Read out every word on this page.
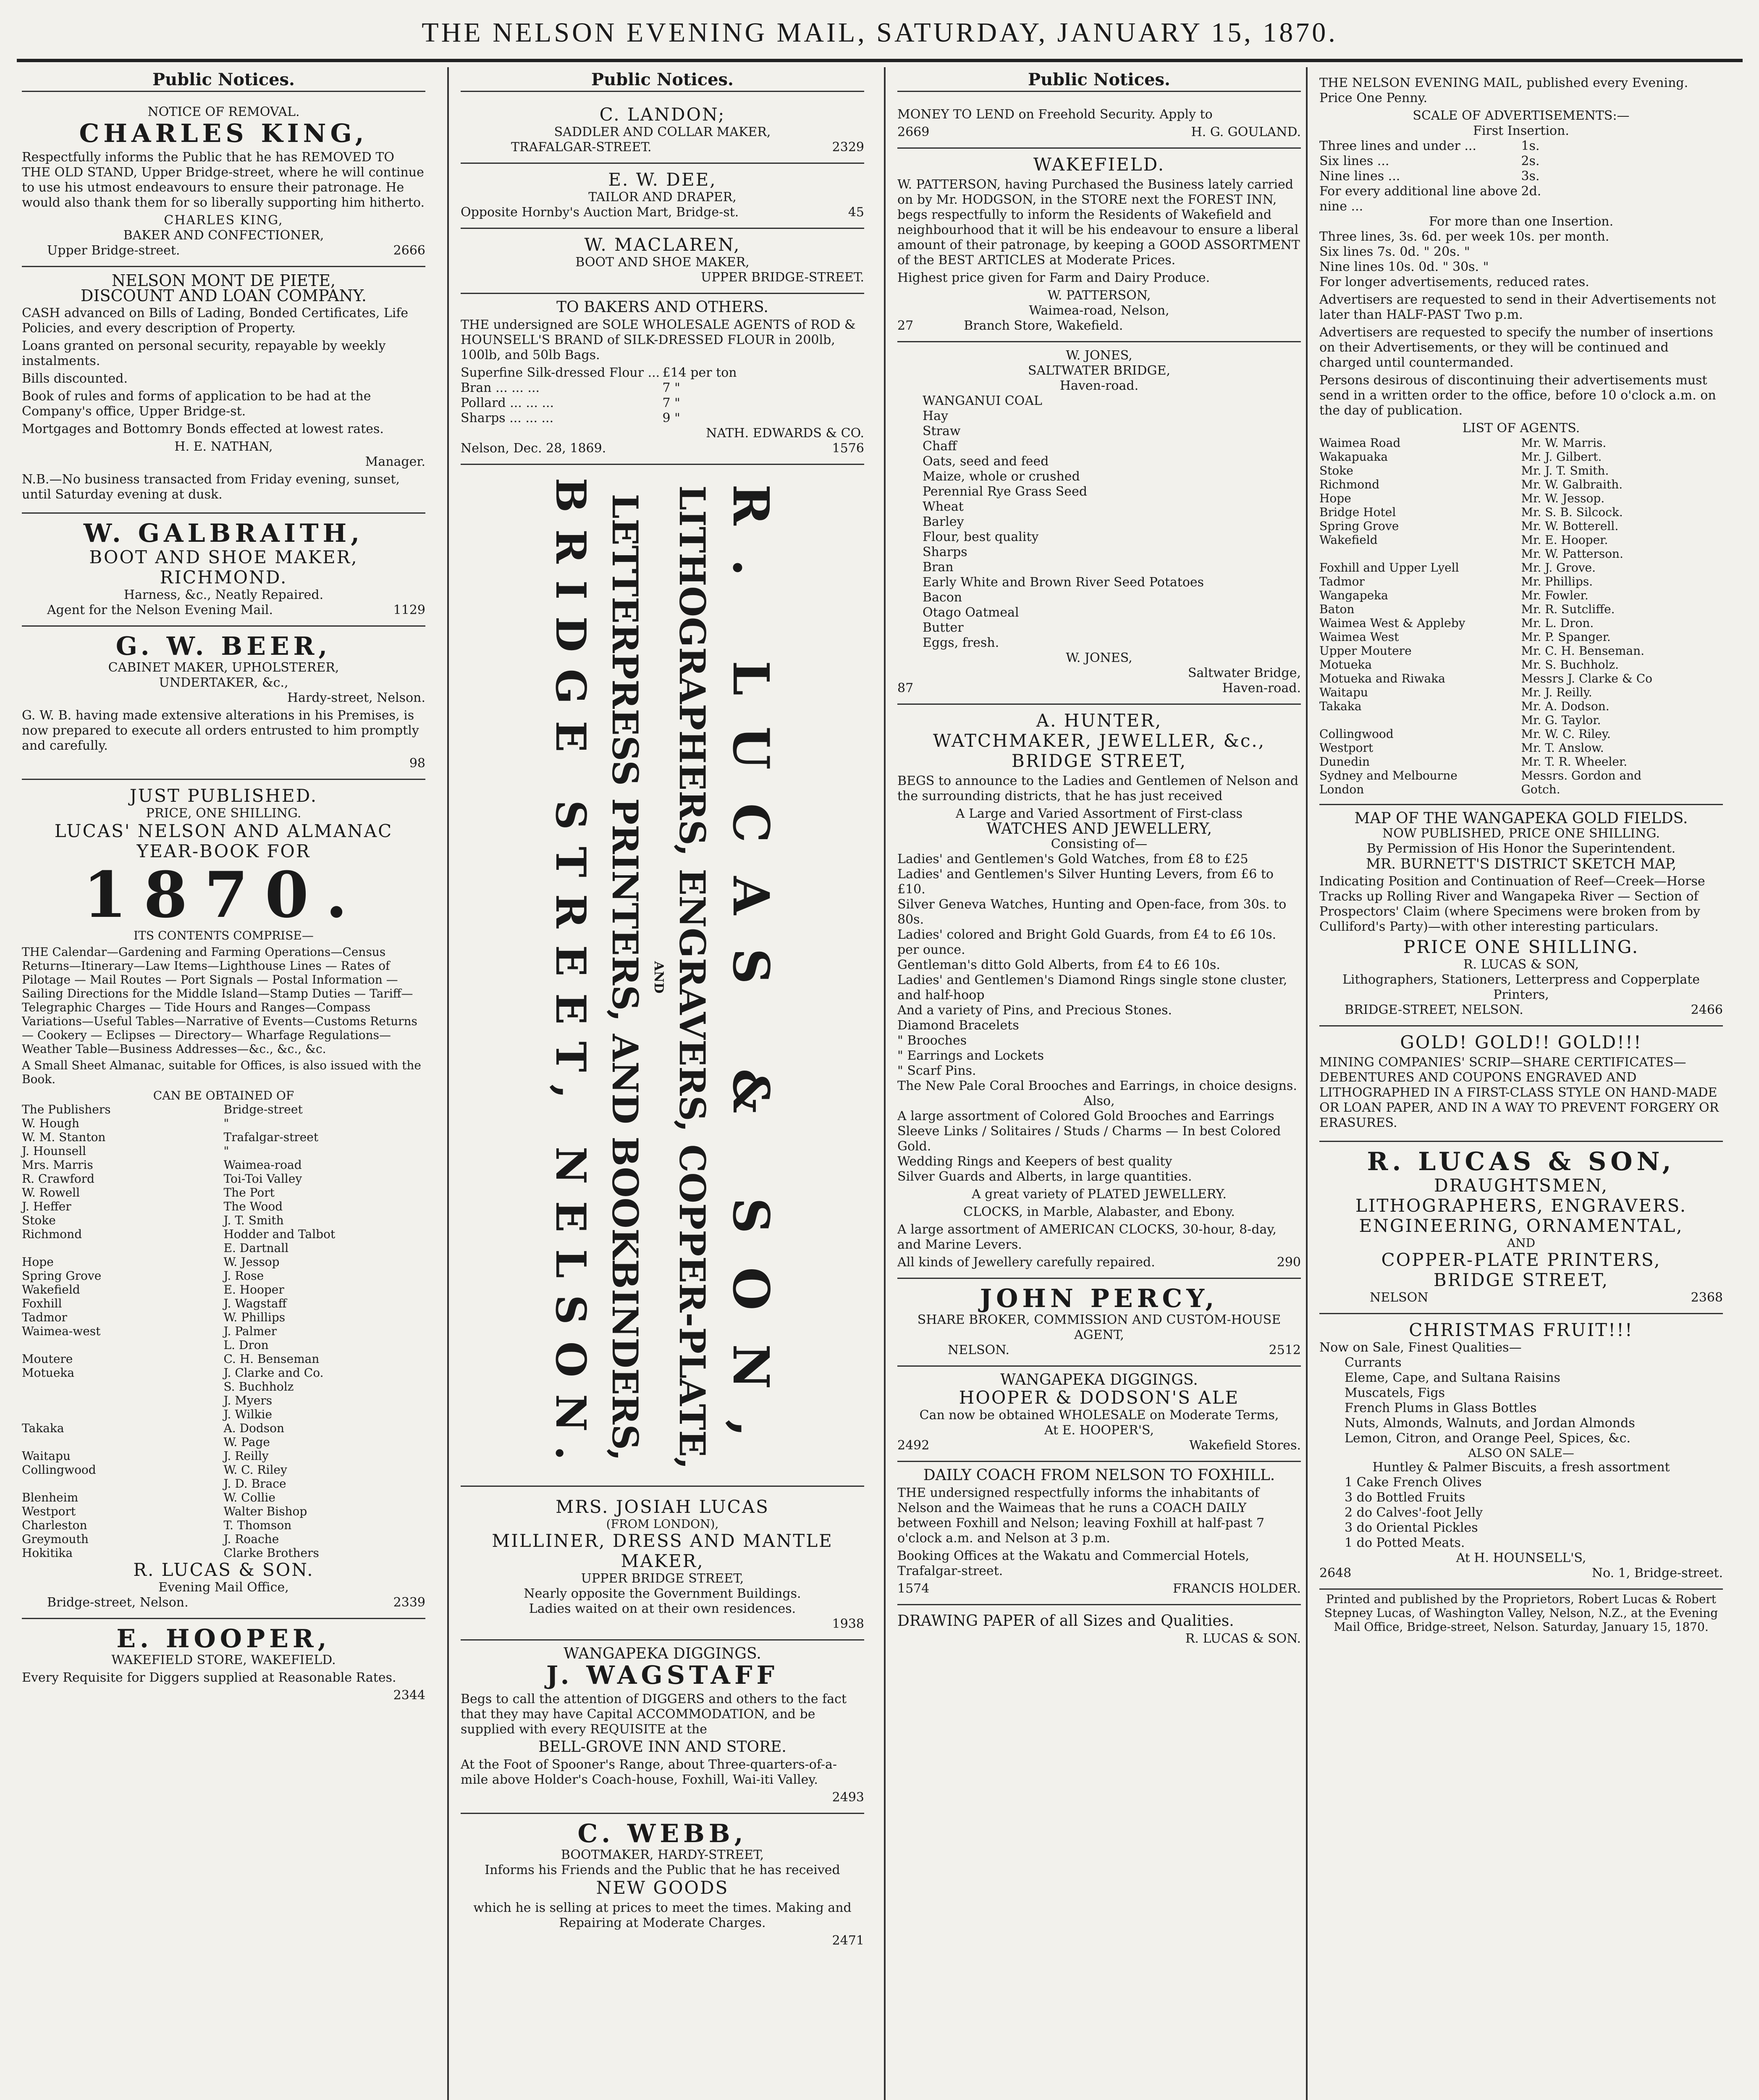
THE NELSON EVENING MAIL, SATURDAY, JANUARY 15, 1870.
Public Notices.
NOTICE OF REMOVAL.
CHARLES KING,

Respectfully informs the Public that he has REMOVED TO THE OLD STAND, Upper Bridge-street, where he will continue to use his utmost endeavours to ensure their patronage. He would also thank them for so liberally supporting him hitherto.

CHARLES KING,
BAKER AND CONFECTIONER,
Upper Bridge-street.	2666
NELSON MONT DE PIETE,
DISCOUNT AND LOAN COMPANY.

CASH advanced on Bills of Lading, Bonded Certificates, Life Policies, and every description of Property.

Loans granted on personal security, repayable by weekly instalments.

Bills discounted.

Book of rules and forms of application to be had at the Company's office, Upper Bridge-st.

Mortgages and Bottomry Bonds effected at lowest rates.

H. E. NATHAN,
Manager.

N.B.—No business transacted from Friday evening, sunset, until Saturday evening at dusk.

W. GALBRAITH,
BOOT AND SHOE MAKER,
RICHMOND.
Harness, &c., Neatly Repaired.
Agent for the Nelson Evening Mail.	1129
G. W. BEER,
CABINET MAKER, UPHOLSTERER,
UNDERTAKER, &c.,
Hardy-street, Nelson.

G. W. B. having made extensive alterations in his Premises, is now prepared to execute all orders entrusted to him promptly and carefully.

98
JUST PUBLISHED.
PRICE, ONE SHILLING.
LUCAS' NELSON AND ALMANAC YEAR-BOOK FOR
1870.
ITS CONTENTS COMPRISE—

THE Calendar—Gardening and Farming Operations—Census Returns—Itinerary—Law Items—Lighthouse Lines — Rates of Pilotage — Mail Routes — Port Signals — Postal Information — Sailing Directions for the Middle Island—Stamp Duties — Tariff—Telegraphic Charges — Tide Hours and Ranges—Compass Variations—Useful Tables—Narrative of Events—Customs Returns — Cookery — Eclipses — Directory— Wharfage Regulations—Weather Table—Business Addresses—&c., &c., &c.

A Small Sheet Almanac, suitable for Offices, is also issued with the Book.

CAN BE OBTAINED OF
The Publishers	Bridge-street
W. Hough	"
W. M. Stanton	Trafalgar-street
J. Hounsell	"
Mrs. Marris	Waimea-road
R. Crawford	Toi-Toi Valley
W. Rowell	The Port
J. Heffer	The Wood
Stoke	J. T. Smith
Richmond	Hodder and Talbot
E. Dartnall
Hope	W. Jessop
Spring Grove	J. Rose
Wakefield	E. Hooper
Foxhill	J. Wagstaff
Tadmor	W. Phillips
Waimea-west	J. Palmer
L. Dron
Moutere	C. H. Benseman
Motueka	J. Clarke and Co.
S. Buchholz
J. Myers
J. Wilkie
Takaka	A. Dodson
W. Page
Waitapu	J. Reilly
Collingwood	W. C. Riley
J. D. Brace
Blenheim	W. Collie
Westport	Walter Bishop
Charleston	T. Thomson
Greymouth	J. Roache
Hokitika	Clarke Brothers
R. LUCAS & SON.
Evening Mail Office,
Bridge-street, Nelson.	2339
E. HOOPER,
WAKEFIELD STORE, WAKEFIELD.

Every Requisite for Diggers supplied at Reasonable Rates.

2344
Public Notices.
C. LANDON;
SADDLER AND COLLAR MAKER,
TRAFALGAR-STREET.	2329
E. W. DEE,
TAILOR AND DRAPER,
Opposite Hornby's Auction Mart, Bridge-st.	45
W. MACLAREN,
BOOT AND SHOE MAKER,
UPPER BRIDGE-STREET.
TO BAKERS AND OTHERS.

THE undersigned are SOLE WHOLESALE AGENTS of ROD & HOUNSELL'S BRAND of SILK-DRESSED FLOUR in 200lb, 100lb, and 50lb Bags.

Superfine Silk-dressed Flour ... £14 per ton
Bran ... ... ...	7 "
Pollard ... ... ...	7 "
Sharps ... ... ...	9 "
NATH. EDWARDS & CO.
Nelson, Dec. 28, 1869.	1576
R. LUCAS & SON,
LITHOGRAPHERS, ENGRAVERS, COPPER-PLATE,
AND
LETTERPRESS PRINTERS, AND BOOKBINDERS,
BRIDGE STREET, NELSON.
MRS. JOSIAH LUCAS
(FROM LONDON),
MILLINER, DRESS AND MANTLE MAKER,
UPPER BRIDGE STREET,
Nearly opposite the Government Buildings.
Ladies waited on at their own residences.
1938
WANGAPEKA DIGGINGS.
J. WAGSTAFF

Begs to call the attention of DIGGERS and others to the fact that they may have Capital ACCOMMODATION, and be supplied with every REQUISITE at the

BELL-GROVE INN AND STORE.

At the Foot of Spooner's Range, about Three-quarters-of-a-mile above Holder's Coach-house, Foxhill, Wai-iti Valley.

2493
C. WEBB,
BOOTMAKER, HARDY-STREET,
Informs his Friends and the Public that he has received
NEW GOODS

which he is selling at prices to meet the times. Making and Repairing at Moderate Charges.

2471
Public Notices.

MONEY TO LEND on Freehold Security. Apply to

2669	H. G. GOULAND.
WAKEFIELD.

W. PATTERSON, having Purchased the Business lately carried on by Mr. HODGSON, in the STORE next the FOREST INN, begs respectfully to inform the Residents of Wakefield and neighbourhood that it will be his endeavour to ensure a liberal amount of their patronage, by keeping a GOOD ASSORTMENT of the BEST ARTICLES at Moderate Prices.

Highest price given for Farm and Dairy Produce.

W. PATTERSON,
Waimea-road, Nelson,
27	Branch Store, Wakefield.
W. JONES,
SALTWATER BRIDGE,
Haven-road.
WANGANUI COAL
Hay
Straw
Chaff
Oats, seed and feed
Maize, whole or crushed
Perennial Rye Grass Seed
Wheat
Barley
Flour, best quality
Sharps
Bran
Early White and Brown River Seed Potatoes
Bacon
Otago Oatmeal
Butter
Eggs, fresh.
W. JONES,
Saltwater Bridge,
87	Haven-road.
A. HUNTER,
WATCHMAKER, JEWELLER, &c.,
BRIDGE STREET,

BEGS to announce to the Ladies and Gentlemen of Nelson and the surrounding districts, that he has just received

A Large and Varied Assortment of First-class
WATCHES AND JEWELLERY,
Consisting of—
Ladies' and Gentlemen's Gold Watches, from £8 to £25
Ladies' and Gentlemen's Silver Hunting Levers, from £6 to £10.
Silver Geneva Watches, Hunting and Open-face, from 30s. to 80s.
Ladies' colored and Bright Gold Guards, from £4 to £6 10s. per ounce.
Gentleman's ditto Gold Alberts, from £4 to £6 10s.
Ladies' and Gentlemen's Diamond Rings single stone cluster, and half-hoop
And a variety of Pins, and Precious Stones.
Diamond Bracelets
" Brooches
" Earrings and Lockets
" Scarf Pins.
The New Pale Coral Brooches and Earrings, in choice designs.
Also,
A large assortment of Colored Gold Brooches and Earrings
Sleeve Links / Solitaires / Studs / Charms — In best Colored Gold.
Wedding Rings and Keepers of best quality
Silver Guards and Alberts, in large quantities.

A great variety of PLATED JEWELLERY.

CLOCKS, in Marble, Alabaster, and Ebony.

A large assortment of AMERICAN CLOCKS, 30-hour, 8-day, and Marine Levers.

All kinds of Jewellery carefully repaired.	290
JOHN PERCY,
SHARE BROKER, COMMISSION AND CUSTOM-HOUSE AGENT,
NELSON.	2512
WANGAPEKA DIGGINGS.
HOOPER & DODSON'S ALE
Can now be obtained WHOLESALE on Moderate Terms,
At E. HOOPER'S,
2492	Wakefield Stores.
DAILY COACH FROM NELSON TO FOXHILL.

THE undersigned respectfully informs the inhabitants of Nelson and the Waimeas that he runs a COACH DAILY between Foxhill and Nelson; leaving Foxhill at half-past 7 o'clock a.m. and Nelson at 3 p.m.

Booking Offices at the Wakatu and Commercial Hotels, Trafalgar-street.

1574	FRANCIS HOLDER.

DRAWING PAPER of all Sizes and Qualities.

R. LUCAS & SON.

THE NELSON EVENING MAIL, published every Evening. Price One Penny.

SCALE OF ADVERTISEMENTS:—
First Insertion.
Three lines and under ...	1s.
Six lines ...	2s.
Nine lines ...	3s.
For every additional line above nine ...
2d.
For more than one Insertion.
Three lines, 3s. 6d. per week 10s. per month.
Six lines 7s. 0d. " 20s. "
Nine lines 10s. 0d. " 30s. "
For longer advertisements, reduced rates.

Advertisers are requested to send in their Advertisements not later than HALF-PAST Two p.m.

Advertisers are requested to specify the number of insertions on their Advertisements, or they will be continued and charged until countermanded.

Persons desirous of discontinuing their advertisements must send in a written order to the office, before 10 o'clock a.m. on the day of publication.

LIST OF AGENTS.
Waimea Road	Mr. W. Marris.
Wakapuaka	Mr. J. Gilbert.
Stoke	Mr. J. T. Smith.
Richmond	Mr. W. Galbraith.
Hope	Mr. W. Jessop.
Bridge Hotel	Mr. S. B. Silcock.
Spring Grove	Mr. W. Botterell.
Wakefield	Mr. E. Hooper.
Mr. W. Patterson.
Foxhill and Upper Lyell	Mr. J. Grove.
Tadmor	Mr. Phillips.
Wangapeka	Mr. Fowler.
Baton	Mr. R. Sutcliffe.
Waimea West & Appleby	Mr. L. Dron.
Waimea West	Mr. P. Spanger.
Upper Moutere	Mr. C. H. Benseman.
Motueka	Mr. S. Buchholz.
Motueka and Riwaka	Messrs J. Clarke & Co
Waitapu	Mr. J. Reilly.
Takaka	Mr. A. Dodson.
Mr. G. Taylor.
Collingwood	Mr. W. C. Riley.
Westport	Mr. T. Anslow.
Dunedin	Mr. T. R. Wheeler.
Sydney and Melbourne	Messrs. Gordon and
London	Gotch.
MAP OF THE WANGAPEKA GOLD FIELDS.
NOW PUBLISHED, PRICE ONE SHILLING.
By Permission of His Honor the Superintendent.
MR. BURNETT'S DISTRICT SKETCH MAP,

Indicating Position and Continuation of Reef—Creek—Horse Tracks up Rolling River and Wangapeka River — Section of Prospectors' Claim (where Specimens were broken from by Culliford's Party)—with other interesting particulars.

PRICE ONE SHILLING.
R. LUCAS & SON,
Lithographers, Stationers, Letterpress and Copperplate Printers,
BRIDGE-STREET, NELSON.	2466
GOLD! GOLD!! GOLD!!!

MINING COMPANIES' SCRIP—SHARE CERTIFICATES—DEBENTURES AND COUPONS ENGRAVED AND LITHOGRAPHED IN A FIRST-CLASS STYLE ON HAND-MADE OR LOAN PAPER, AND IN A WAY TO PREVENT FORGERY OR ERASURES.

R. LUCAS & SON,
DRAUGHTSMEN,
LITHOGRAPHERS, ENGRAVERS.
ENGINEERING, ORNAMENTAL,
AND
COPPER-PLATE PRINTERS,
BRIDGE STREET,
NELSON	2368
CHRISTMAS FRUIT!!!
Now on Sale, Finest Qualities—
Currants
Eleme, Cape, and Sultana Raisins
Muscatels, Figs
French Plums in Glass Bottles
Nuts, Almonds, Walnuts, and Jordan Almonds
Lemon, Citron, and Orange Peel, Spices, &c.
ALSO ON SALE—
Huntley & Palmer Biscuits, a fresh assortment
1 Cake French Olives
3 do Bottled Fruits
2 do Calves'-foot Jelly
3 do Oriental Pickles
1 do Potted Meats.
At H. HOUNSELL'S,
2648	No. 1, Bridge-street.

Printed and published by the Proprietors, Robert Lucas & Robert Stepney Lucas, of Washington Valley, Nelson, N.Z., at the Evening Mail Office, Bridge-street, Nelson. Saturday, January 15, 1870.
